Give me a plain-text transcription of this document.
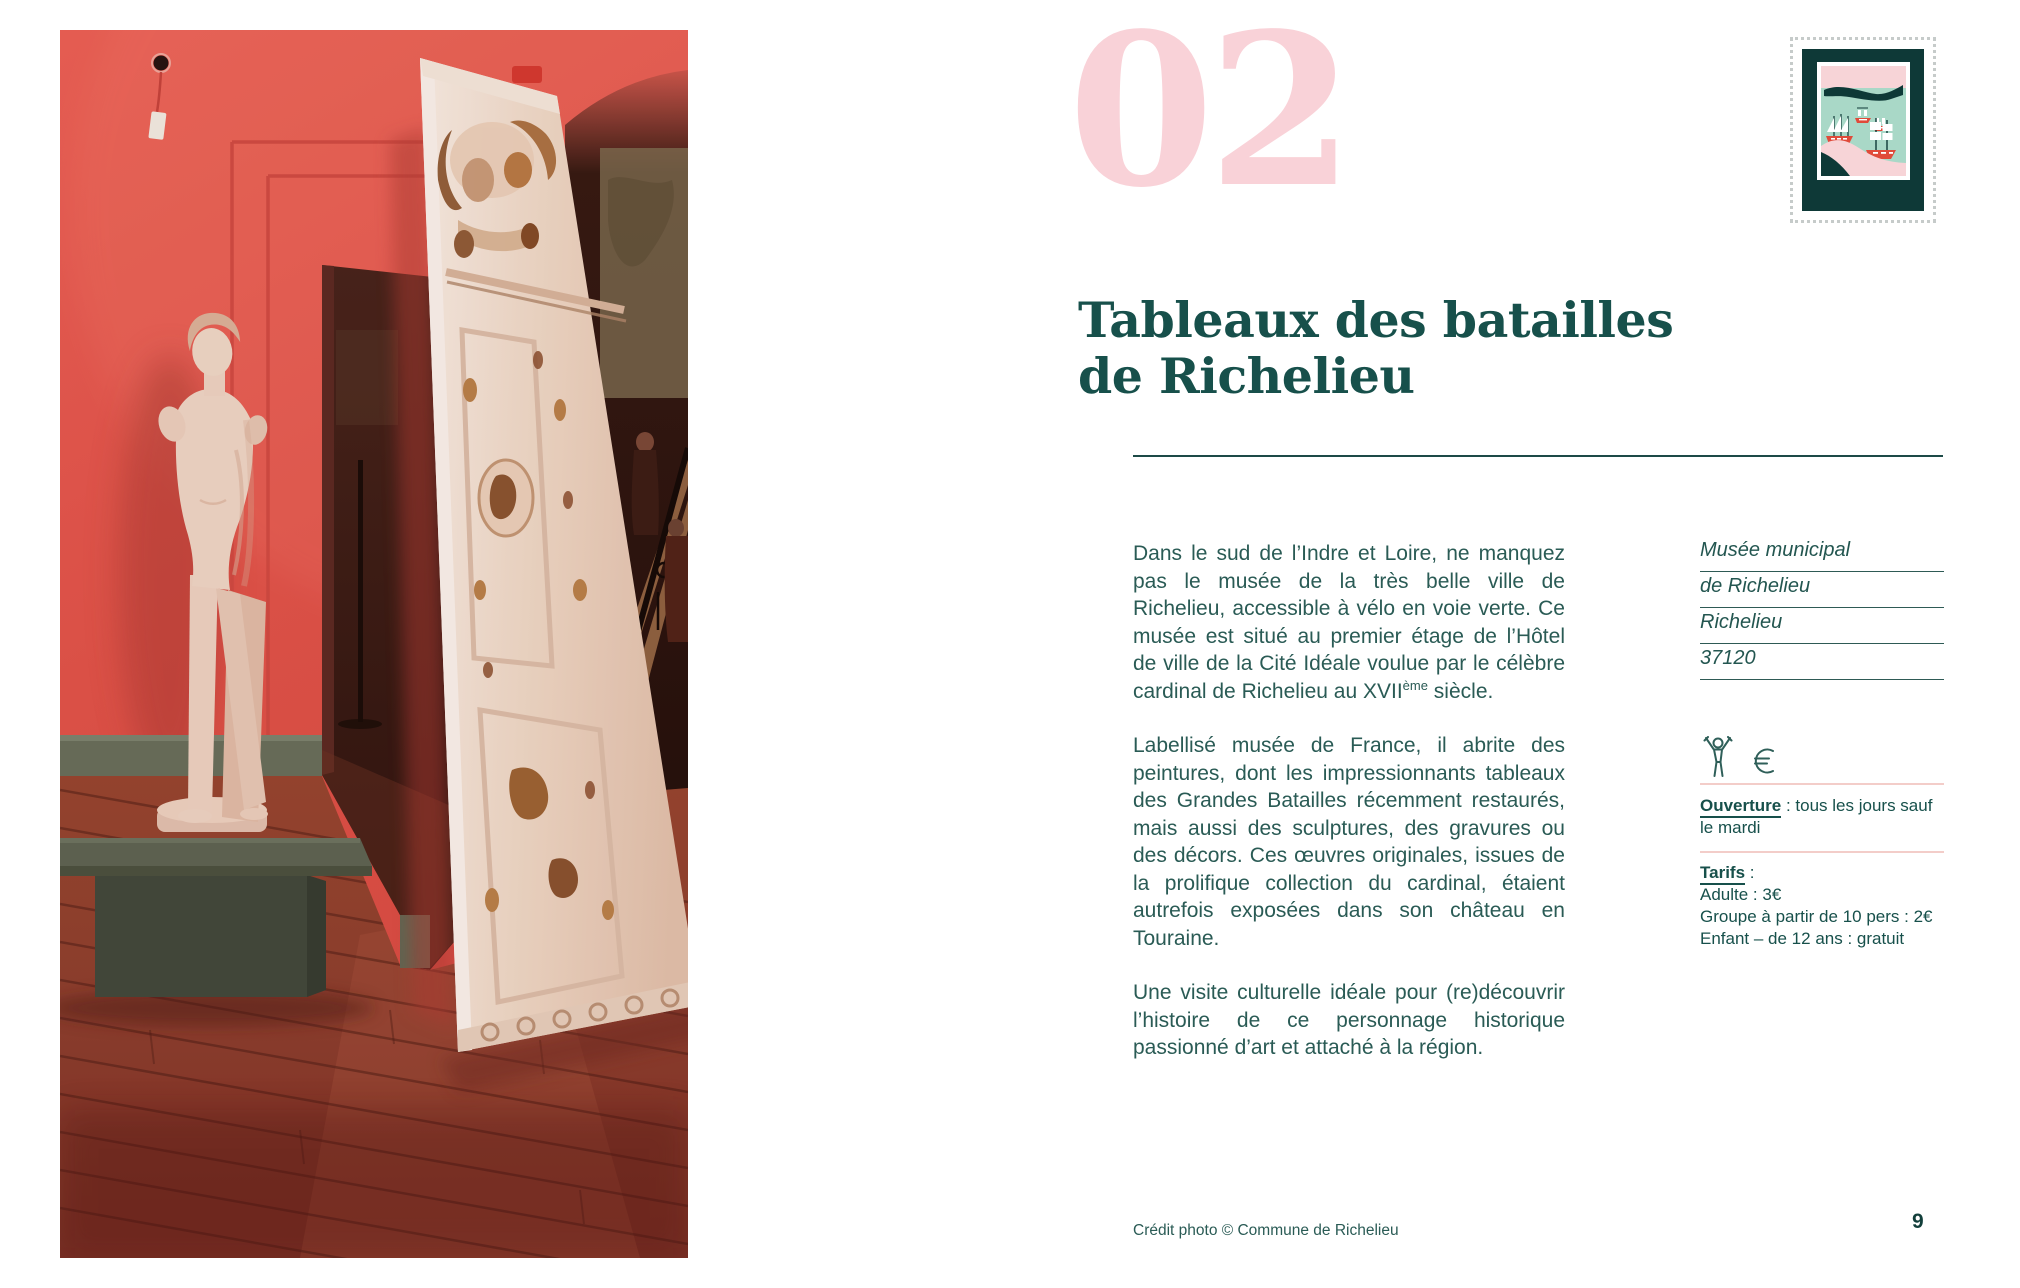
02
Tableaux des batailles
de Richelieu

Dans le sud de l’Indre et Loire, ne manquez pas le musée de la très belle ville de Richelieu, accessible à vélo en voie verte. Ce musée est situé au premier étage de l’Hôtel de ville de la Cité Idéale voulue par le célèbre cardinal de Richelieu au XVIIème siècle.

Labellisé musée de France, il abrite des peintures, dont les impressionnants tableaux des Grandes Batailles récemment restaurés, mais aussi des sculptures, des gravures ou des décors. Ces œuvres originales, issues de la prolifique collection du cardinal, étaient autrefois exposées dans son château en Touraine.

Une visite culturelle idéale pour (re)découvrir l’histoire de ce personnage historique passionné d’art et attaché à la région.

Musée municipal
de Richelieu
Richelieu
37120
Ouverture : tous les jours sauf le mardi
Tarifs :
Adulte : 3€
Groupe à partir de 10 pers : 2€
Enfant – de 12 ans : gratuit
Crédit photo © Commune de Richelieu	9
